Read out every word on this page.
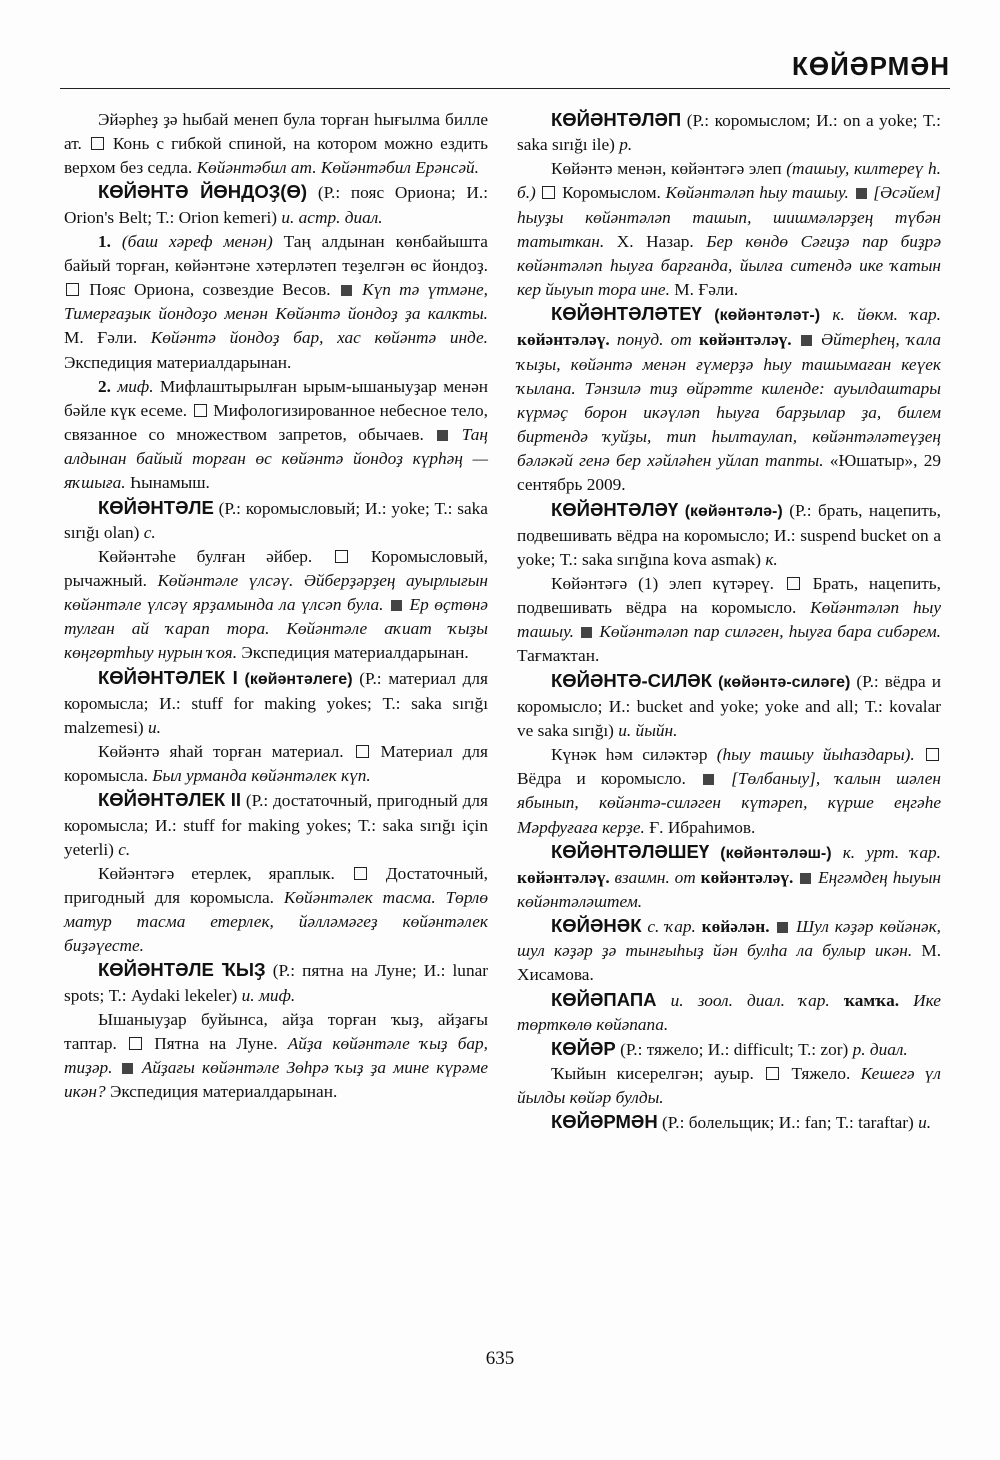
КӨЙӘРМӘН

Эйәрһеҙ ҙә һыбай менеп була торған һығылма билле ат. Конь с гибкой спиной, на котором можно ездить верхом без седла. Көйәнтәбил ат. Көйәнтәбил Ерәнсәй.

КӨЙӘНТӘ ЙӨНДОҘ(Ө) (Р.: пояс Ориона; И.: Orion's Belt; Т.: Orion kemeri) и. астр. диал.

1. (баш хәреф менән) Таң алдынан көнбайышта байый торған, көйәнтәне хәтерләтеп теҙелгән өс йондоҙ.  Пояс Ориона, созвездие Весов. Күп тә үтмәне, Тимерғаҙык йондоҙо менән Көйәнтә йондоҙ ҙа калкты. М. Ғәли. Көйәнтә йондоҙ бар, хас көйәнтә инде. Экспедиция материалдарынан.

2. миф. Мифлаштырылған ырым-ышаныуҙар менән бәйле күк есеме. Мифологизированное небесное тело, связанное со множеством запретов, обычаев. Таң алдынан байый торған өс көйәнтә йондоҙ күрһәң — яҡшыға. Һынамыш.

КӨЙӘНТӘЛЕ (Р.: коромысловый; И.: yoke; Т.: saka sırığı olan) с.

Көйәнтәһе булған әйбер.	Коромысловый, рычажный. Көйәнтәле үлсәү. Әйберҙәрҙең ауырлығын көйәнтәле үлсәү ярҙамында ла үлсәп була. Ер өҫтөнә тулған ай ҡарап тора. Көйәнтәле аҡиат ҡыҙы көңгөртһыу нурын ҡоя. Экспедиция материалдарынан.

КӨЙӘНТӘЛЕК I (көйәнтәлеге) (Р.: материал для коромысла; И.: stuff for making yokes; Т.: saka sırığı malzemesi) и.

Көйәнтә яһай торған материал. Материал для коромысла. Был урманда көйәнтәлек күп.

КӨЙӘНТӘЛЕК II (Р.: достаточный, пригодный для коромысла; И.: stuff for making yokes; Т.: saka sırığı için yeterli) с.

Көйәнтәгә етерлек, яраплык.	Достаточный, пригодный для коромысла. Көйәнтәлек тасма. Төрлө матур тасма етерлек, йәлләмәгеҙ көйәнтәлек биҙәүесте.

КӨЙӘНТӘЛЕ ҠЫҘ (Р.: пятна на Луне; И.: lunar spots; Т.: Aydaki lekeler) и. миф.

Ышаныуҙар буйынса, айҙа торған ҡыҙ, айҙағы таптар. Пятна на Луне. Айҙа көйәнтәле ҡыҙ бар, тиҙәр. Айҙағы көйәнтәле Зөһрә ҡыҙ ҙа мине күрәме икән? Экспедиция материалдарынан.

КӨЙӘНТӘЛӘП (Р.: коромыслом; И.: on a yoke; Т.: saka sırığı ile) р.

Көйәнтә менән, көйәнтәгә элеп (ташыу, килтереү һ. б.) Коромыслом. Көйәнтәләп һыу ташыу. [Әсәйем] һыуҙы көйәнтәләп ташып, шишмәләрҙең түбән татыткан. Х. Назар. Бер көндө Сәғиҙә пар биҙрә көйәнтәләп һыуға барғанда, йылға ситендә ике ҡатын кер йыуып тора ине. М. Ғәли.

КӨЙӘНТӘЛӘТЕҮ (көйәнтәләт-) к. йөкм. ҡар. көйәнтәләү. понуд. от көйәнтәләү. Әйтерһең, ҡала ҡыҙы, көйәнтә менән ғүмерҙә һыу ташымаған кеүек ҡылана. Тәнзилә тиҙ өйрәтте киленде: ауылдаштары күрмәҫ борон икәүләп һыуға барҙылар ҙа, билем биртендә ҡуйҙы, тип һылтаулап, көйәнтәләтеүҙең бәләкәй генә бер хәйләһен уйлап тапты. «Юшатыр», 29 сентябрь 2009.

КӨЙӘНТӘЛӘҮ (көйәнтәлә-) (Р.: брать, нацепить, подвешивать вёдра на коромысло; И.: suspend bucket on a yoke; Т.: saka sırığına kova asmak) к.

Көйәнтәгә (1) элеп күтәреү. Брать, нацепить, подвешивать вёдра на коромысло. Көйәнтәләп һыу ташыу. Көйәнтәләп пар силәген, һыуға бара сибәрем. Тағмаҡтан.

КӨЙӘНТӘ-СИЛӘК (көйәнтә-силәге) (Р.: вёдра и коромысло; И.: bucket and yoke; yoke and all; Т.: kovalar ve saka sırığı) и. йыйн.

Күнәк һәм силәктәр (һыу ташыу йыһаздары).  Вёдра и коромысло.	[Төлбаныу], ҡалын шәлен ябынып, көйәнтә-силәген күтәреп, күрше еңгәһе Мәрфуғаға керҙе. Ғ. Ибраһимов.

КӨЙӘНТӘЛӘШЕҮ (көйәнтәләш-) к. урт. ҡар. көйәнтәләү. взаимн. от көйәнтәләү. Еңгәмдең һыуын көйәнтәләштем.

КӨЙӘНӘК с. ҡар. көйәлән. Шул кәҙәр көйәнәк, шул кәҙәр ҙә тынғыһыҙ йән булһа ла булыр икән. М. Хисамова.

КӨЙӘПАПА и. зоол. диал. ҡар. ҡамҡа. Ике төрткөлө көйәпапа.

КӨЙӘР (Р.: тяжело; И.: difficult; Т.: zor) р. диал.

Ҡыйын кисерелгән; ауыр. Тяжело. Кешегә үл йылды көйәр булды.

КӨЙӘРМӘН (Р.: болельщик; И.: fan; Т.: taraftar) и.

635
